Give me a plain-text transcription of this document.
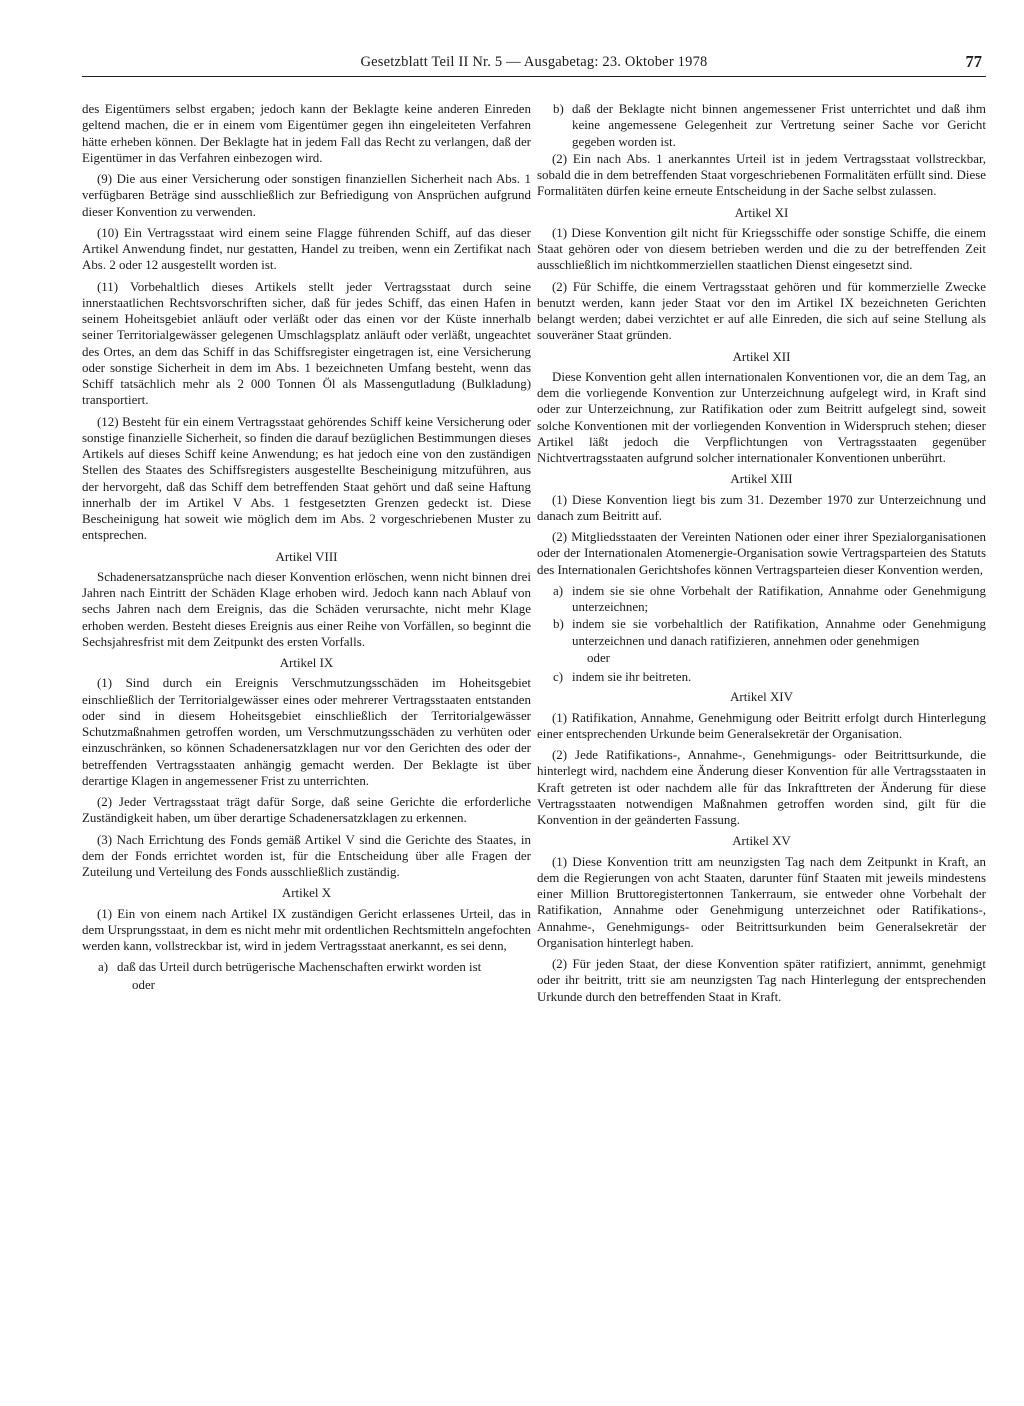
Gesetzblatt Teil II Nr. 5 — Ausgabetag: 23. Oktober 1978	77

des Eigentümers selbst ergaben; jedoch kann der Beklagte keine anderen Einreden geltend machen, die er in einem vom Eigentümer gegen ihn eingeleiteten Verfahren hätte erheben können. Der Beklagte hat in jedem Fall das Recht zu verlangen, daß der Eigentümer in das Verfahren einbezogen wird.

(9) Die aus einer Versicherung oder sonstigen finanziellen Sicherheit nach Abs. 1 verfügbaren Beträge sind ausschließlich zur Befriedigung von Ansprüchen aufgrund dieser Konvention zu verwenden.

(10) Ein Vertragsstaat wird einem seine Flagge führenden Schiff, auf das dieser Artikel Anwendung findet, nur gestatten, Handel zu treiben, wenn ein Zertifikat nach Abs. 2 oder 12 ausgestellt worden ist.

(11) Vorbehaltlich dieses Artikels stellt jeder Vertragsstaat durch seine innerstaatlichen Rechtsvorschriften sicher, daß für jedes Schiff, das einen Hafen in seinem Hoheitsgebiet anläuft oder verläßt oder das einen vor der Küste innerhalb seiner Territorialgewässer gelegenen Umschlagsplatz anläuft oder verläßt, ungeachtet des Ortes, an dem das Schiff in das Schiffsregister eingetragen ist, eine Versicherung oder sonstige Sicherheit in dem im Abs. 1 bezeichneten Umfang besteht, wenn das Schiff tatsächlich mehr als 2 000 Tonnen Öl als Massengutladung (Bulkladung) transportiert.

(12) Besteht für ein einem Vertragsstaat gehörendes Schiff keine Versicherung oder sonstige finanzielle Sicherheit, so finden die darauf bezüglichen Bestimmungen dieses Artikels auf dieses Schiff keine Anwendung; es hat jedoch eine von den zuständigen Stellen des Staates des Schiffsregisters ausgestellte Bescheinigung mitzuführen, aus der hervorgeht, daß das Schiff dem betreffenden Staat gehört und daß seine Haftung innerhalb der im Artikel V Abs. 1 festgesetzten Grenzen gedeckt ist. Diese Bescheinigung hat soweit wie möglich dem im Abs. 2 vorgeschriebenen Muster zu entsprechen.

Artikel VIII

Schadenersatzansprüche nach dieser Konvention erlöschen, wenn nicht binnen drei Jahren nach Eintritt der Schäden Klage erhoben wird. Jedoch kann nach Ablauf von sechs Jahren nach dem Ereignis, das die Schäden verursachte, nicht mehr Klage erhoben werden. Besteht dieses Ereignis aus einer Reihe von Vorfällen, so beginnt die Sechsjahresfrist mit dem Zeitpunkt des ersten Vorfalls.

Artikel IX

(1) Sind durch ein Ereignis Verschmutzungsschäden im Hoheitsgebiet einschließlich der Territorialgewässer eines oder mehrerer Vertragsstaaten entstanden oder sind in diesem Hoheitsgebiet einschließlich der Territorialgewässer Schutzmaßnahmen getroffen worden, um Verschmutzungsschäden zu verhüten oder einzuschränken, so können Schadenersatzklagen nur vor den Gerichten des oder der betreffenden Vertragsstaaten anhängig gemacht werden. Der Beklagte ist über derartige Klagen in angemessener Frist zu unterrichten.

(2) Jeder Vertragsstaat trägt dafür Sorge, daß seine Gerichte die erforderliche Zuständigkeit haben, um über derartige Schadenersatzklagen zu erkennen.

(3) Nach Errichtung des Fonds gemäß Artikel V sind die Gerichte des Staates, in dem der Fonds errichtet worden ist, für die Entscheidung über alle Fragen der Zuteilung und Verteilung des Fonds ausschließlich zuständig.

Artikel X

(1) Ein von einem nach Artikel IX zuständigen Gericht erlassenes Urteil, das in dem Ursprungsstaat, in dem es nicht mehr mit ordentlichen Rechtsmitteln angefochten werden kann, vollstreckbar ist, wird in jedem Vertragsstaat anerkannt, es sei denn,

a) daß das Urteil durch betrügerische Machenschaften erwirkt worden ist
oder
b) daß der Beklagte nicht binnen angemessener Frist unterrichtet und daß ihm keine angemessene Gelegenheit zur Vertretung seiner Sache vor Gericht gegeben worden ist.

(2) Ein nach Abs. 1 anerkanntes Urteil ist in jedem Vertragsstaat vollstreckbar, sobald die in dem betreffenden Staat vorgeschriebenen Formalitäten erfüllt sind. Diese Formalitäten dürfen keine erneute Entscheidung in der Sache selbst zulassen.

Artikel XI

(1) Diese Konvention gilt nicht für Kriegsschiffe oder sonstige Schiffe, die einem Staat gehören oder von diesem betrieben werden und die zu der betreffenden Zeit ausschließlich im nichtkommerziellen staatlichen Dienst eingesetzt sind.

(2) Für Schiffe, die einem Vertragsstaat gehören und für kommerzielle Zwecke benutzt werden, kann jeder Staat vor den im Artikel IX bezeichneten Gerichten belangt werden; dabei verzichtet er auf alle Einreden, die sich auf seine Stellung als souveräner Staat gründen.

Artikel XII

Diese Konvention geht allen internationalen Konventionen vor, die an dem Tag, an dem die vorliegende Konvention zur Unterzeichnung aufgelegt wird, in Kraft sind oder zur Unterzeichnung, zur Ratifikation oder zum Beitritt aufgelegt sind, soweit solche Konventionen mit der vorliegenden Konvention in Widerspruch stehen; dieser Artikel läßt jedoch die Verpflichtungen von Vertragsstaaten gegenüber Nichtvertragsstaaten aufgrund solcher internationaler Konventionen unberührt.

Artikel XIII

(1) Diese Konvention liegt bis zum 31. Dezember 1970 zur Unterzeichnung und danach zum Beitritt auf.

(2) Mitgliedsstaaten der Vereinten Nationen oder einer ihrer Spezialorganisationen oder der Internationalen Atomenergie-Organisation sowie Vertragsparteien des Statuts des Internationalen Gerichtshofes können Vertragsparteien dieser Konvention werden,

a) indem sie sie ohne Vorbehalt der Ratifikation, Annahme oder Genehmigung unterzeichnen;
b) indem sie sie vorbehaltlich der Ratifikation, Annahme oder Genehmigung unterzeichnen und danach ratifizieren, annehmen oder genehmigen
oder
c) indem sie ihr beitreten.
Artikel XIV

(1) Ratifikation, Annahme, Genehmigung oder Beitritt erfolgt durch Hinterlegung einer entsprechenden Urkunde beim Generalsekretär der Organisation.

(2) Jede Ratifikations-, Annahme-, Genehmigungs- oder Beitrittsurkunde, die hinterlegt wird, nachdem eine Änderung dieser Konvention für alle Vertragsstaaten in Kraft getreten ist oder nachdem alle für das Inkrafttreten der Änderung für diese Vertragsstaaten notwendigen Maßnahmen getroffen worden sind, gilt für die Konvention in der geänderten Fassung.

Artikel XV

(1) Diese Konvention tritt am neunzigsten Tag nach dem Zeitpunkt in Kraft, an dem die Regierungen von acht Staaten, darunter fünf Staaten mit jeweils mindestens einer Million Bruttoregistertonnen Tankerraum, sie entweder ohne Vorbehalt der Ratifikation, Annahme oder Genehmigung unterzeichnet oder Ratifikations-, Annahme-, Genehmigungs- oder Beitrittsurkunden beim Generalsekretär der Organisation hinterlegt haben.

(2) Für jeden Staat, der diese Konvention später ratifiziert, annimmt, genehmigt oder ihr beitritt, tritt sie am neunzigsten Tag nach Hinterlegung der entsprechenden Urkunde durch den betreffenden Staat in Kraft.
